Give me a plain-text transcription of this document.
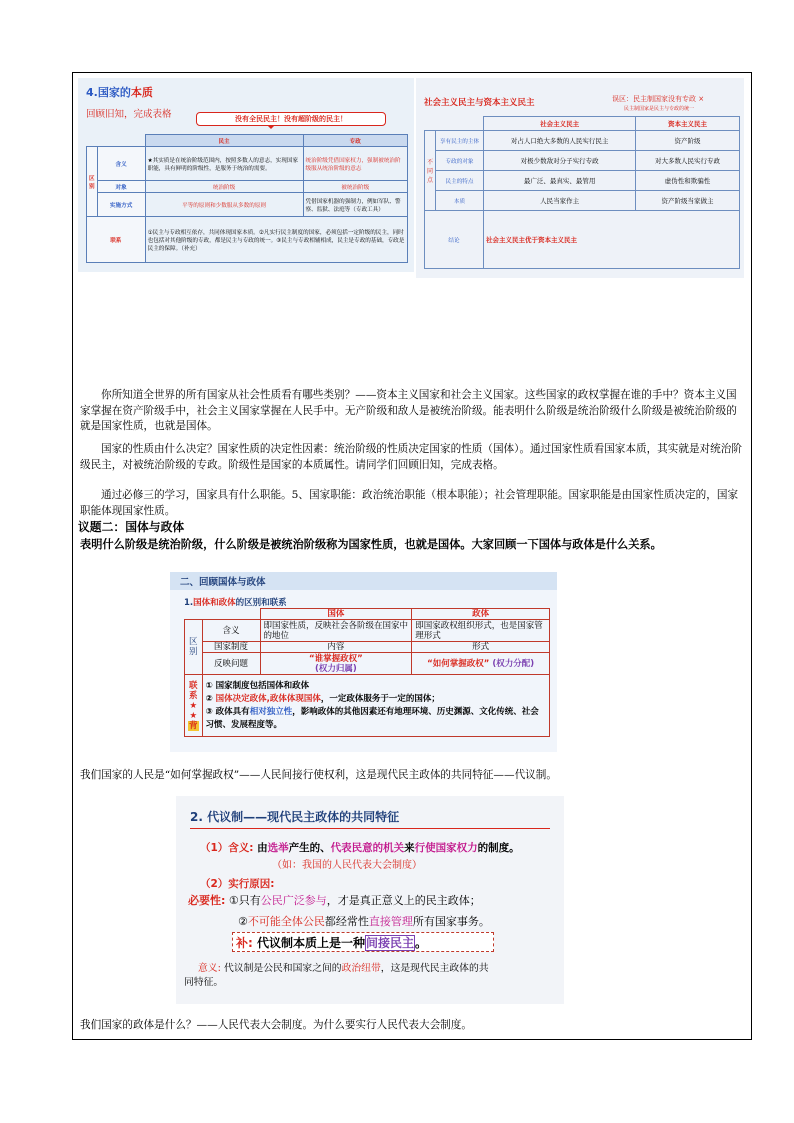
4.国家的本质
回顾旧知，完成表格	没有全民民主！没有超阶级的民主！
		民主	专政
区别	含义	★其实质是在统治阶级范围内，按照多数人的意志，实现国家职能，具有鲜明的阶级性，是服务于统治的需要。	统治阶级凭借国家权力，强制被统治阶级服从统治阶级的意志
	对象	统治阶级	被统治阶级
	实施方式	平等的原则和少数服从多数的原则	凭借国家机器的强制力，例如军队、警察、监狱、法庭等（专政工具）
联系		①民主与专政相互依存，共同体现国家本质。②凡实行民主制度的国家，必须包括一定阶级的民主，同时也包括对其他阶级的专政，都是民主与专政的统一。③民主与专政相辅相成，民主是专政的基础，专政是民主的保障。（补充）	
社会主义民主与资本主义民主	误区：民主制国家没有专政 ×
民主制国家是民主与专政的统一
		社会主义民主	资本主义民主
不同点	享有民主的主体	对占人口绝大多数的人民实行民主	资产阶级
	专政的对象	对极少数敌对分子实行专政	对大多数人民实行专政
	民主的特点	最广泛、最真实、最管用	虚伪性和欺骗性
	本质	人民当家作主	资产阶级当家做主
结论		社会主义民主优于资本主义民主	
你所知道全世界的所有国家从社会性质看有哪些类别？——资本主义国家和社会主义国家。这些国家的政权掌握在谁的手中？资本主义国家掌握在资产阶级手中，社会主义国家掌握在人民手中。无产阶级和敌人是被统治阶级。能表明什么阶级是统治阶级什么阶级是被统治阶级的就是国家性质，也就是国体。
国家的性质由什么决定？国家性质的决定性因素：统治阶级的性质决定国家的性质（国体）。通过国家性质看国家本质，其实就是对统治阶级民主，对被统治阶级的专政。阶级性是国家的本质属性。请同学们回顾旧知，完成表格。
通过必修三的学习，国家具有什么职能。5、国家职能：政治统治职能（根本职能）；社会管理职能。国家职能是由国家性质决定的，国家职能体现国家性质。
议题二：国体与政体
表明什么阶级是统治阶级，什么阶级是被统治阶级称为国家性质，也就是国体。大家回顾一下国体与政体是什么关系。
二、回顾国体与政体
1.国体和政体的区别和联系
		国体	政体
区别	含义	即国家性质，反映社会各阶级在国家中的地位	即国家政权组织形式，也是国家管理形式
	国家制度	内容	形式
	反映问题	“谁掌握政权”
(权力归属)	“如何掌握政权” (权力分配)
联
系
★
★
背	① 国家制度包括国体和政体
② 国体决定政体,政体体现国体，一定政体服务于一定的国体；
③ 政体具有相对独立性，影响政体的其他因素还有地理环境、历史渊源、文化传统、社会习惯、发展程度等。		
我们国家的人民是“如何掌握政权”——人民间接行使权利，这是现代民主政体的共同特征——代议制。
2. 代议制——现代民主政体的共同特征
（1）含义: 由选举产生的、代表民意的机关来行使国家权力的制度。
（如：我国的人民代表大会制度）
（2）实行原因:
必要性: ①只有公民广泛参与，才是真正意义上的民主政体；
②不可能全体公民都经常性直接管理所有国家事务。
补: 代议制本质上是一种间接民主。
意义: 代议制是公民和国家之间的政治纽带，这是现代民主政体的共
同特征。
我们国家的政体是什么？——人民代表大会制度。为什么要实行人民代表大会制度。
